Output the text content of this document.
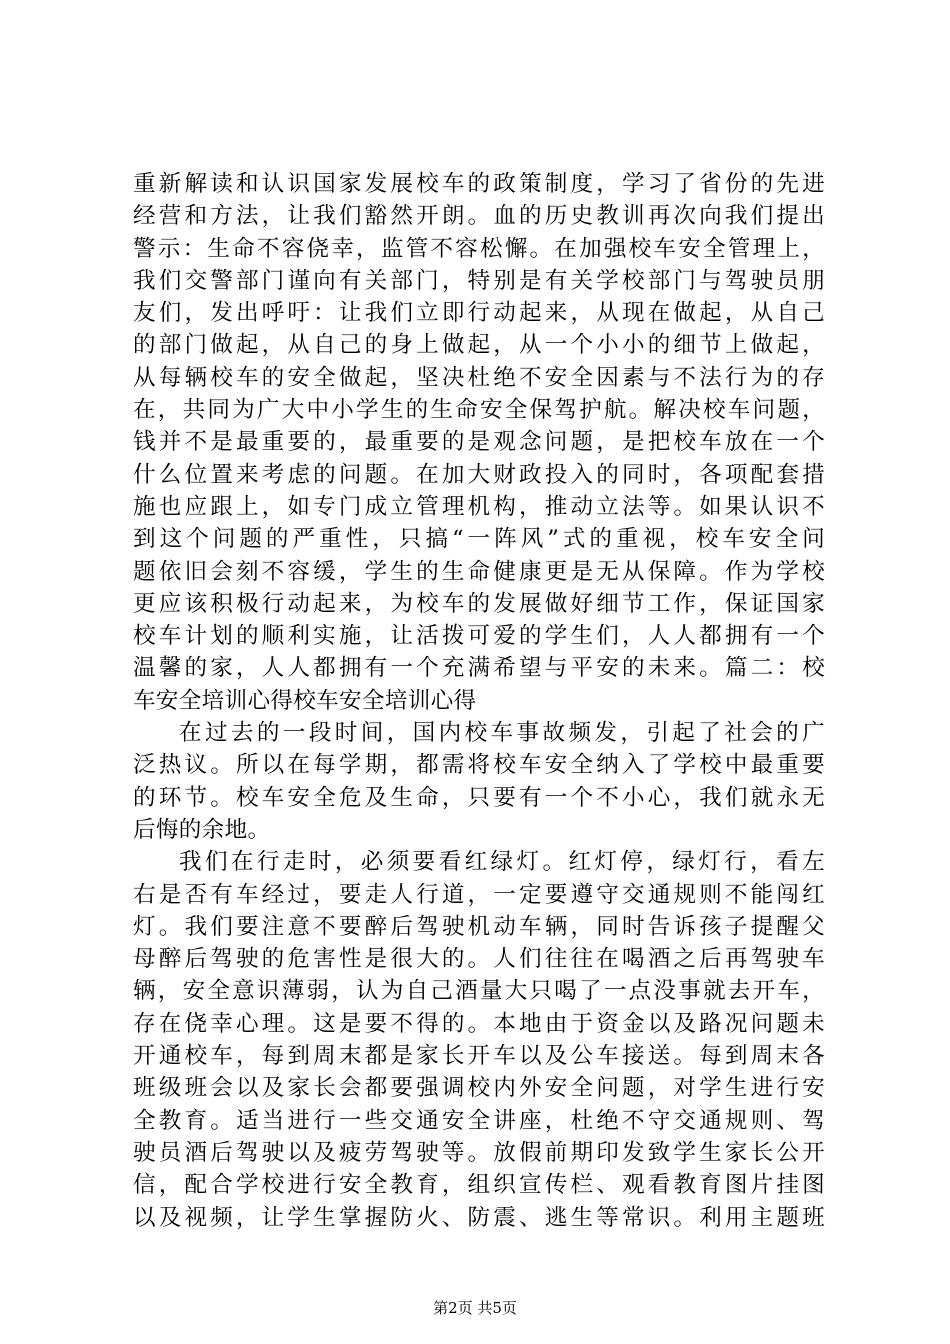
重新解读和认识国家发展校车的政策制度，学习了省份的先进
经营和方法，让我们豁然开朗。血的历史教训再次向我们提出
警示：生命不容侥幸，监管不容松懈。在加强校车安全管理上，
我们交警部门谨向有关部门，特别是有关学校部门与驾驶员朋
友们，发出呼吁：让我们立即行动起来，从现在做起，从自己
的部门做起，从自己的身上做起，从一个小小的细节上做起，
从每辆校车的安全做起，坚决杜绝不安全因素与不法行为的存
在，共同为广大中小学生的生命安全保驾护航。解决校车问题，
钱并不是最重要的，最重要的是观念问题，是把校车放在一个
什么位置来考虑的问题。在加大财政投入的同时，各项配套措
施也应跟上，如专门成立管理机构，推动立法等。如果认识不
到这个问题的严重性，只搞“一阵风”式的重视，校车安全问
题依旧会刻不容缓，学生的生命健康更是无从保障。作为学校
更应该积极行动起来，为校车的发展做好细节工作，保证国家
校车计划的顺利实施，让活拨可爱的学生们，人人都拥有一个
温馨的家，人人都拥有一个充满希望与平安的未来。篇二：校
车安全培训心得校车安全培训心得
在过去的一段时间，国内校车事故频发，引起了社会的广
泛热议。所以在每学期，都需将校车安全纳入了学校中最重要
的环节。校车安全危及生命，只要有一个不小心，我们就永无
后悔的余地。
我们在行走时，必须要看红绿灯。红灯停，绿灯行，看左
右是否有车经过，要走人行道，一定要遵守交通规则不能闯红
灯。我们要注意不要醉后驾驶机动车辆，同时告诉孩子提醒父
母醉后驾驶的危害性是很大的。人们往往在喝酒之后再驾驶车
辆，安全意识薄弱，认为自己酒量大只喝了一点没事就去开车，
存在侥幸心理。这是要不得的。本地由于资金以及路况问题未
开通校车，每到周末都是家长开车以及公车接送。每到周末各
班级班会以及家长会都要强调校内外安全问题，对学生进行安
全教育。适当进行一些交通安全讲座，杜绝不守交通规则、驾
驶员酒后驾驶以及疲劳驾驶等。放假前期印发致学生家长公开
信，配合学校进行安全教育，组织宣传栏、观看教育图片挂图
以及视频，让学生掌握防火、防震、逃生等常识。利用主题班
第2页 共5页
